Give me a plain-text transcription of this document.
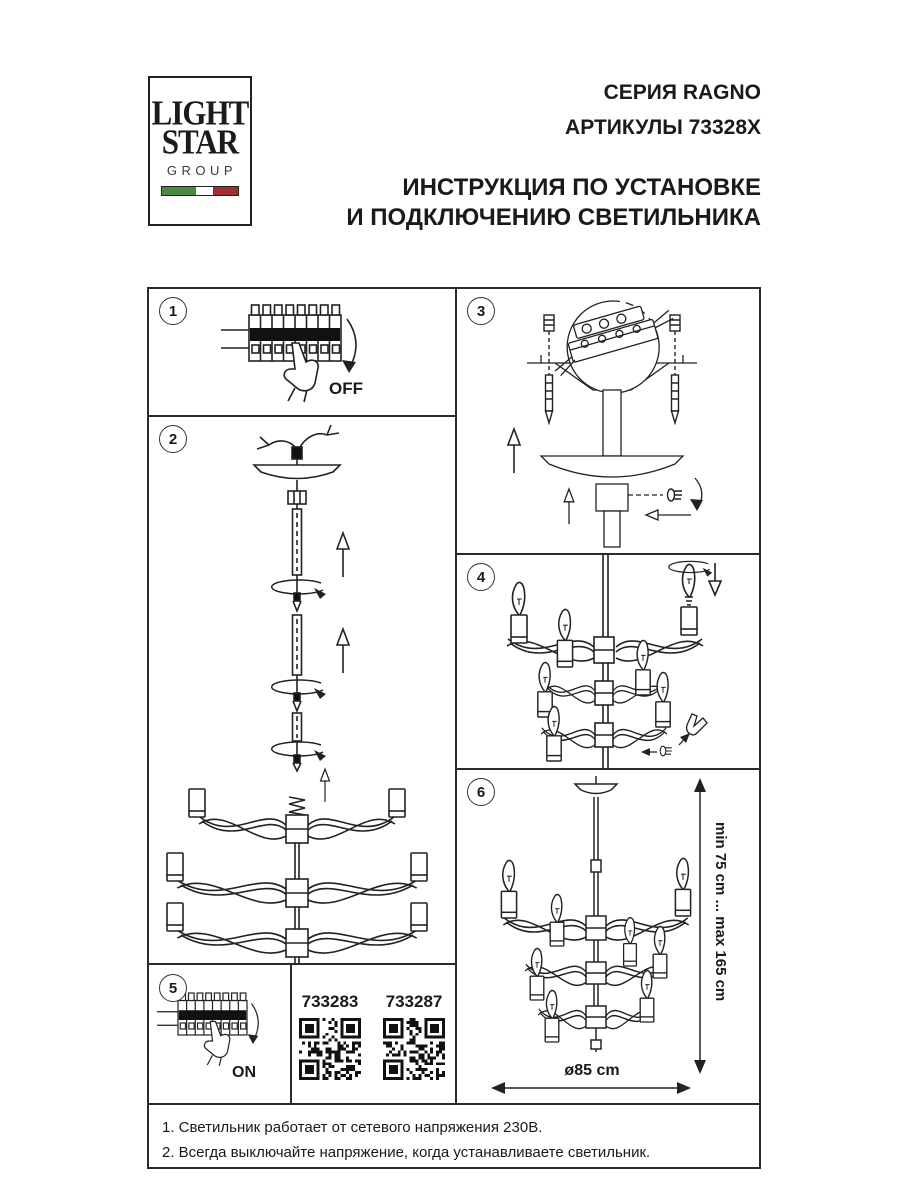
LIGHT
STAR
GROUP
СЕРИЯ RAGNO
АРТИКУЛЫ 73328X
ИНСТРУКЦИЯ ПО УСТАНОВКЕ
И ПОДКЛЮЧЕНИЮ СВЕТИЛЬНИКА
1
OFF
2
5
ON
733283	733287
3
4
6
min 75 cm ... max 165 cm
ø85 cm
1. Светильник работает от сетевого напряжения 230В.
2. Всегда выключайте напряжение, когда устанавливаете светильник.
